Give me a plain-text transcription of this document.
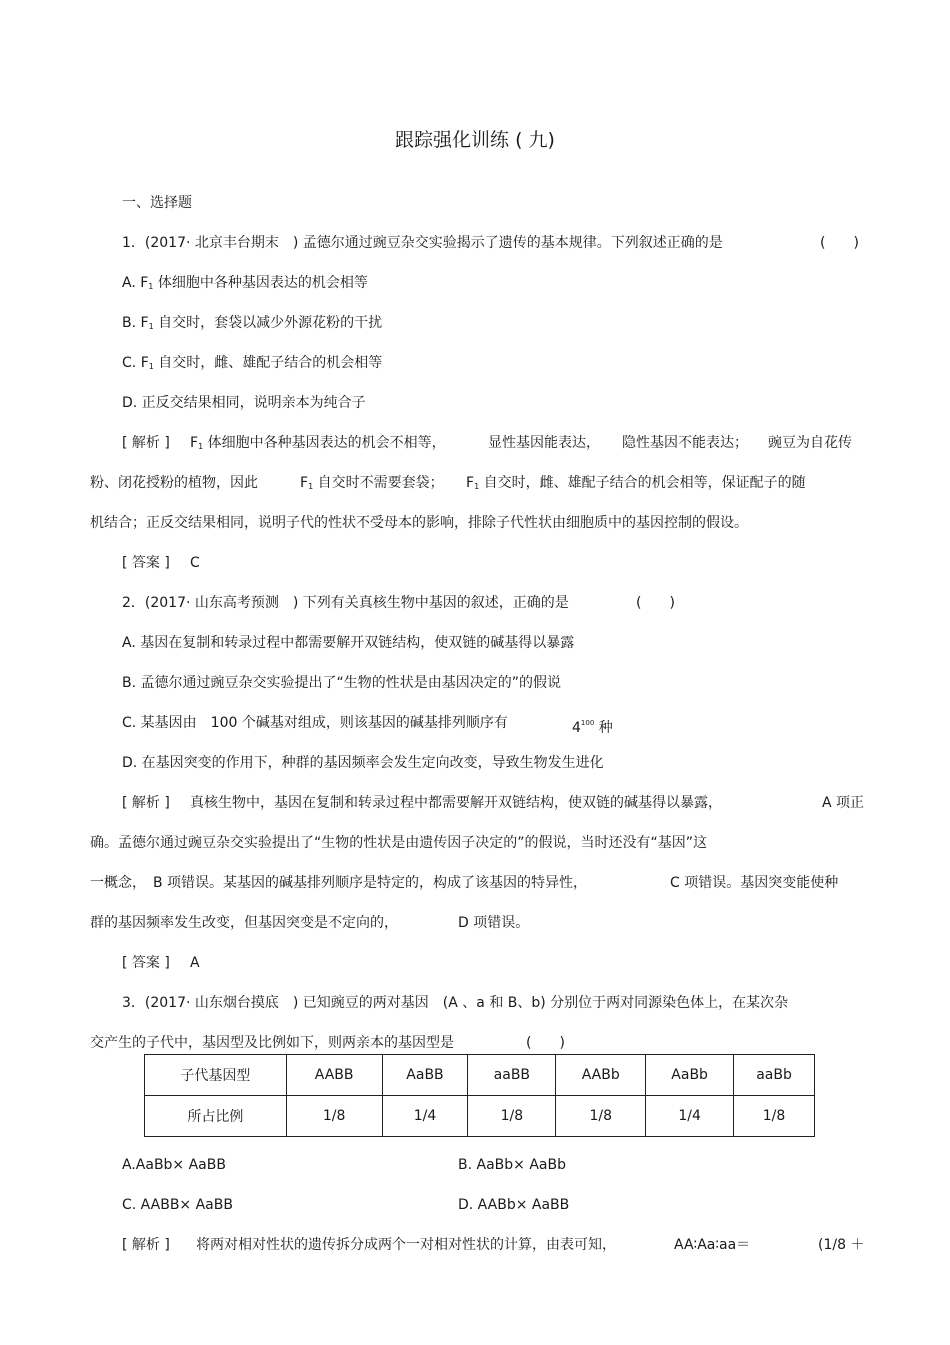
跟踪强化训练 ( 九)
一、选择题
1．(2017· 北京丰台期末　) 孟德尔通过豌豆杂交实验揭示了遗传的基本规律。下列叙述正确的是	(　　)
A. $F_1$ 体细胞中各种基因表达的机会相等
B. $F_1$ 自交时，套袋以减少外源花粉的干扰
C. $F_1$ 自交时，雌、雄配子结合的机会相等
D. 正反交结果相同，说明亲本为纯合子
[ 解析 ] $F_1$ 体细胞中各种基因表达的机会不相等，	显性基因能表达， 隐性基因不能表达； 豌豆为自花传
粉、闭花授粉的植物，因此	$F_1$ 自交时不需要套袋； $F_1$ 自交时，雌、雄配子结合的机会相等，保证配子的随
机结合；正反交结果相同，说明子代的性状不受母本的影响，排除子代性状由细胞质中的基因控制的假设。
[ 答案 ] C
2．(2017· 山东高考预测　) 下列有关真核生物中基因的叙述，正确的是	(　　)
A. 基因在复制和转录过程中都需要解开双链结构，使双链的碱基得以暴露
B. 孟德尔通过豌豆杂交实验提出了“生物的性状是由基因决定的”的假说
C. 某基因由　100 个碱基对组成，则该基因的碱基排列顺序有	$4^{100}$ 种
D. 在基因突变的作用下，种群的基因频率会发生定向改变，导致生物发生进化
[ 解析 ] 真核生物中，基因在复制和转录过程中都需要解开双链结构，使双链的碱基得以暴露，	A 项正
确。孟德尔通过豌豆杂交实验提出了“生物的性状是由遗传因子决定的”的假说，当时还没有“基因”这
一概念，　B 项错误。某基因的碱基排列顺序是特定的，构成了该基因的特异性，	C 项错误。基因突变能使种
群的基因频率发生改变，但基因突变是不定向的，	D 项错误。
[ 答案 ] A
3．(2017· 山东烟台摸底　) 已知豌豆的两对基因　(A 、a 和 B、b) 分别位于两对同源染色体上，在某次杂
交产生的子代中，基因型及比例如下，则两亲本的基因型是	(　　)
子代基因型	AABB	AaBB	aaBB	AABb	AaBb	aaBb
所占比例	1/8	1/4	1/8	1/8	1/4	1/8
A.AaBb× AaBB	B. AaBb× AaBb
C. AABB× AaBB	D. AABb× AaBB
[ 解析 ] 将两对相对性状的遗传拆分成两个一对相对性状的计算，由表可知，	AA∶Aa∶aa＝	(1/8 ＋
